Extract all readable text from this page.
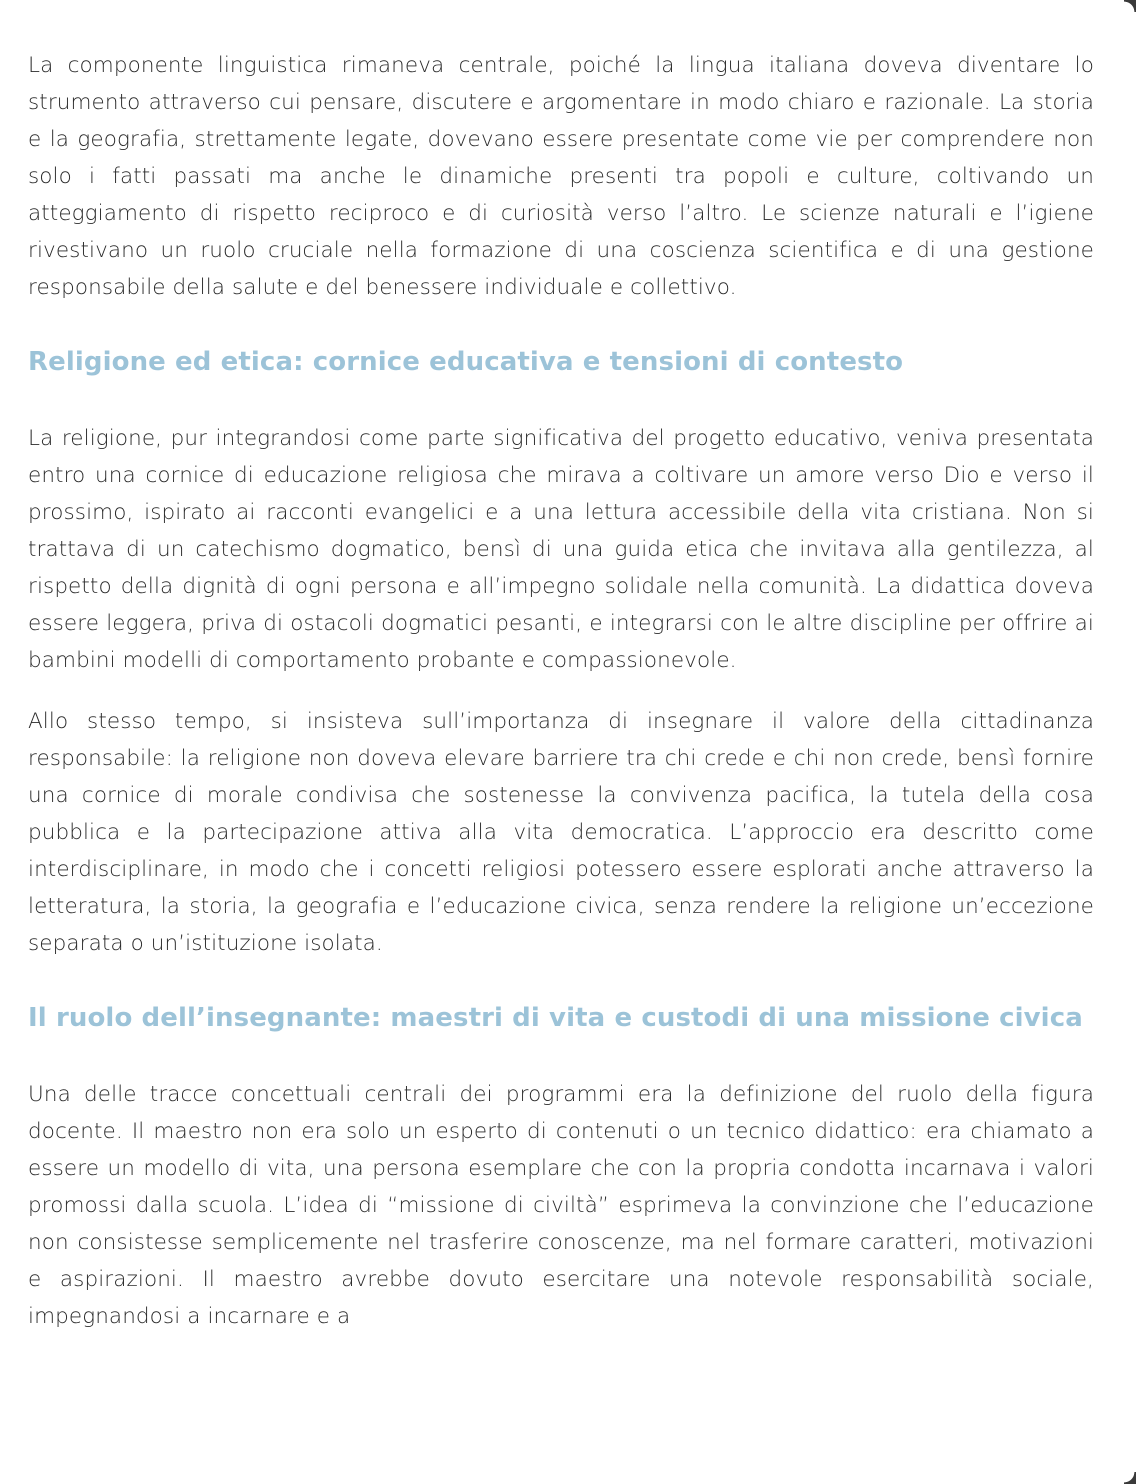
La componente linguistica rimaneva centrale, poiché la lingua italiana doveva diventare lo strumento attraverso cui pensare, discutere e argomentare in modo chiaro e razionale. La storia e la geografia, strettamente legate, dovevano essere presentate come vie per comprendere non solo i fatti passati ma anche le dinamiche presenti tra popoli e culture, coltivando un atteggiamento di rispetto reciproco e di curiosità verso l’altro. Le scienze naturali e l’igiene rivestivano un ruolo cruciale nella formazione di una coscienza scientifica e di una gestione responsabile della salute e del benessere individuale e collettivo.

Religione ed etica: cornice educativa e tensioni di contesto

La religione, pur integrandosi come parte significativa del progetto educativo, veniva presentata entro una cornice di educazione religiosa che mirava a coltivare un amore verso Dio e verso il prossimo, ispirato ai racconti evangelici e a una lettura accessibile della vita cristiana. Non si trattava di un catechismo dogmatico, bensì di una guida etica che invitava alla gentilezza, al rispetto della dignità di ogni persona e all’impegno solidale nella comunità. La didattica doveva essere leggera, priva di ostacoli dogmatici pesanti, e integrarsi con le altre discipline per offrire ai bambini modelli di comportamento probante e compassionevole.

Allo stesso tempo, si insisteva sull’importanza di insegnare il valore della cittadinanza responsabile: la religione non doveva elevare barriere tra chi crede e chi non crede, bensì fornire una cornice di morale condivisa che sostenesse la convivenza pacifica, la tutela della cosa pubblica e la partecipazione attiva alla vita democratica. L’approccio era descritto come interdisciplinare, in modo che i concetti religiosi potessero essere esplorati anche attraverso la letteratura, la storia, la geografia e l’educazione civica, senza rendere la religione un’eccezione separata o un’istituzione isolata.

Il ruolo dell’insegnante: maestri di vita e custodi di una missione civica

Una delle tracce concettuali centrali dei programmi era la definizione del ruolo della figura docente. Il maestro non era solo un esperto di contenuti o un tecnico didattico: era chiamato a essere un modello di vita, una persona esemplare che con la propria condotta incarnava i valori promossi dalla scuola. L’idea di “missione di civiltà” esprimeva la convinzione che l’educazione non consistesse semplicemente nel trasferire conoscenze, ma nel formare caratteri, motivazioni e aspirazioni. Il maestro avrebbe dovuto esercitare una notevole responsabilità sociale, impegnandosi a incarnare e a
